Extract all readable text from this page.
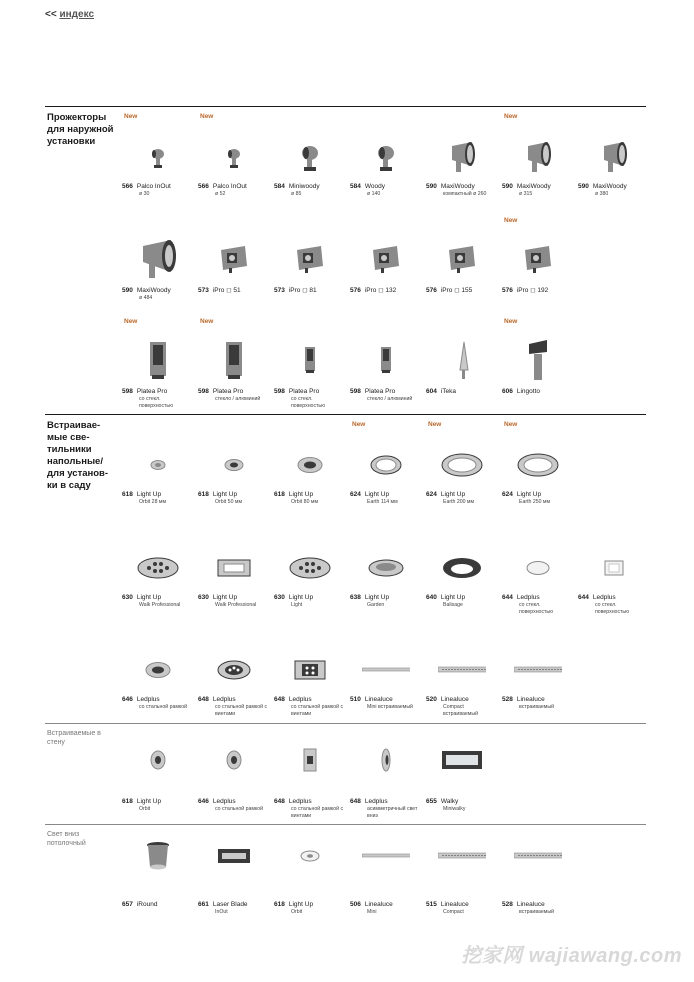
<< индекс
Прожекторы для наружной установки
Встраивае-мые све-тильники напольные/ для установ-ки в саду
Встраиваемые в стену
Свет вниз потолочный
New
566 Palco InOut
ø 30
New
566 Palco InOut
ø 52
584 Miniwoody
ø 85
584 Woody
ø 140
590 MaxiWoody
компактный ø 260
New
590 MaxiWoody
ø 315
590 MaxiWoody
ø 380
590 MaxiWoody
ø 484
573 iPro ◻ 51	573 iPro ◻ 81	576 iPro ◻ 132	576 iPro ◻ 155
New
576 iPro ◻ 192
New
598 Platea Pro
со стекл. поверхностью
New
598 Platea Pro
стекло / алюминий
598 Platea Pro
со стекл. поверхностью
598 Platea Pro
стекло / алюминий
604 iTeka
New
606 Lingotto
618 Light Up
Orbit 28 мм
618 Light Up
Orbit 50 мм
618 Light Up
Orbit 80 мм
New
624 Light Up
Earth 114 мм
New
624 Light Up
Earth 200 мм
New
624 Light Up
Earth 250 мм
630 Light Up
Walk Professional
630 Light Up
Walk Professional
630 Light Up
Light
638 Light Up
Garden
640 Light Up
Balisage
644 Ledplus
со стекл. поверхностью
644 Ledplus
со стекл. поверхностью
646 Ledplus
со стальной рамкой
648 Ledplus
со стальной рамкой с винтами
648 Ledplus
со стальной рамкой с винтами
510 Linealuce
Mini встраиваемый
520 Linealuce
Compact встраиваемый
528 Linealuce
встраиваемый
618 Light Up
Orbit
646 Ledplus
со стальной рамкой
648 Ledplus
со стальной рамкой с винтами
648 Ledplus
асимметричный свет вниз
655 Walky
Miniwalky
657 iRound	661 Laser Blade
InOut
618 Light Up
Orbit
506 Linealuce
Mini
515 Linealuce
Compact
528 Linealuce
встраиваемый
挖家网 wajiawang.com
